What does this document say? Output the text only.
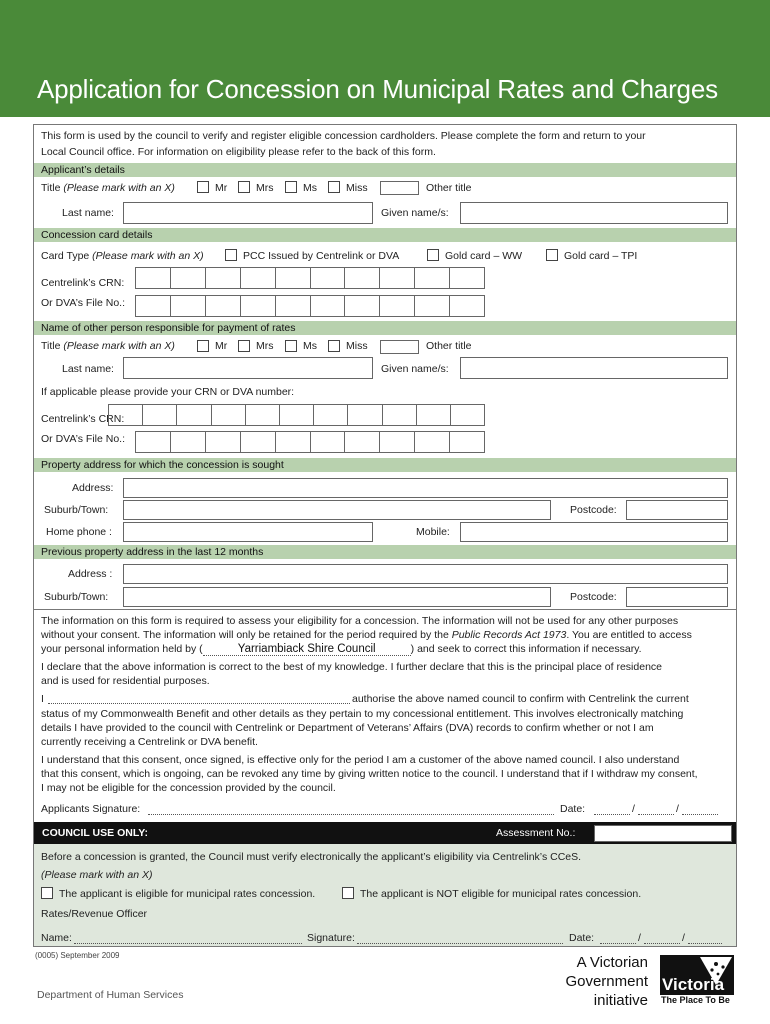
Application for Concession on Municipal Rates and Charges
This form is used by the council to verify and register eligible concession cardholders. Please complete the form and return to your
Local Council office. For information on eligibility please refer to the back of this form.
Applicant’s details
Title (Please mark with an X)	Mr	Mrs	Ms	Miss	Other title
Last name:	Given name/s:
Concession card details
Card Type (Please mark with an X)	PCC Issued by Centrelink or DVA	Gold card – WW	Gold card – TPI
Centrelink’s CRN:
Or DVA’s File No.:
Name of other person responsible for payment of rates
Title (Please mark with an X)	Mr	Mrs	Ms	Miss	Other title
Last name:	Given name/s:
If applicable please provide your CRN or DVA number:
Centrelink’s CRN:
Or DVA’s File No.:
Property address for which the concession is sought
Address:
Suburb/Town:	Postcode:
Home phone :	Mobile:
Previous property address in the last 12 months
Address :
Suburb/Town:	Postcode:
The information on this form is required to assess your eligibility for a concession. The information will not be used for any other purposes
without your consent. The information will only be retained for the period required by the Public Records Act 1973. You are entitled to access
your personal information held by (	Yarriambiack Shire Council	) and seek to correct this information if necessary.
I declare that the above information is correct to the best of my knowledge. I further declare that this is the principal place of residence
and is used for residential purposes.
I	authorise the above named council to confirm with Centrelink the current
status of my Commonwealth Benefit and other details as they pertain to my concessional entitlement. This involves electronically matching
details I have provided to the council with Centrelink or Department of Veterans’ Affairs (DVA) records to confirm whether or not I am
currently receiving a Centrelink or DVA benefit.
I understand that this consent, once signed, is effective only for the period I am a customer of the above named council. I also understand
that this consent, which is ongoing, can be revoked any time by giving written notice to the council. I understand that if I withdraw my consent,
I may not be eligible for the concession provided by the council.
Applicants Signature:	Date:	/	/
COUNCIL USE ONLY:	Assessment No.:
Before a concession is granted, the Council must verify electronically the applicant’s eligibility via Centrelink’s CCeS.
(Please mark with an X)
The applicant is eligible for municipal rates concession.	The applicant is NOT eligible for municipal rates concession.
Rates/Revenue Officer
Name:	Signature:	Date:	/	/
(0005) September 2009
Department of Human Services
A Victorian
Government
initiative
Victoria
The Place To Be
